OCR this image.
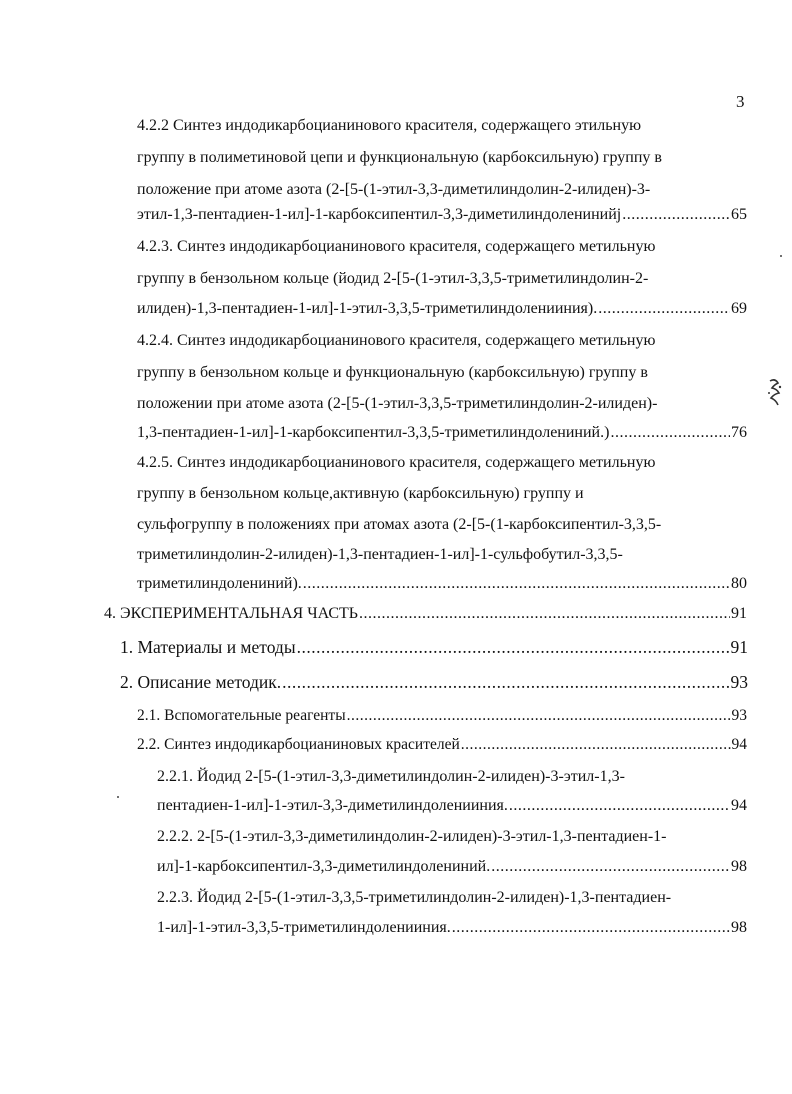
3
4.2.2 Синтез индодикарбоцианинового красителя, содержащего этильную
группу в полиметиновой цепи и функциональную (карбоксильную) группу в
положение при атоме азота (2-[5-(1-этил-3,3-диметилиндолин-2-илиден)-3-
этил-1,3-пентадиен-1-ил]-1-карбоксипентил-3,3-диметилиндоленинийj .....	65
4.2.3. Синтез индодикарбоцианинового красителя, содержащего метильную
группу в бензольном кольце (йодид 2-[5-(1-этил-3,3,5-триметилиндолин-2-
илиден)-1,3-пентадиен-1-ил]-1-этил-3,3,5-триметилиндоленииния). .....	69
4.2.4. Синтез индодикарбоцианинового красителя, содержащего метильную
группу в бензольном кольце и функциональную (карбоксильную) группу в
положении при атоме азота (2-[5-(1-этил-3,3,5-триметилиндолин-2-илиден)-
1,3-пентадиен-1-ил]-1-карбоксипентил-3,3,5-триметилиндолениний.) .....	76
4.2.5. Синтез индодикарбоцианинового красителя, содержащего метильную
группу в бензольном кольце,активную (карбоксильную) группу и
сульфогруппу в положениях при атомах азота (2-[5-(1-карбоксипентил-3,3,5-
триметилиндолин-2-илиден)-1,3-пентадиен-1-ил]-1-сульфобутил-3,3,5-
триметилиндолениний). .....	80
4. ЭКСПЕРИМЕНТАЛЬНАЯ ЧАСТЬ .....	91
1. Материалы и методы .....	91
2. Описание методик. .....	93
2.1. Вспомогательные реагенты .....	93
2.2. Синтез индодикарбоцианиновых красителей .....	94
2.2.1. Йодид 2-[5-(1-этил-3,3-диметилиндолин-2-илиден)-3-этил-1,3-
пентадиен-1-ил]-1-этил-3,3-диметилиндоленииния. .....	94
2.2.2. 2-[5-(1-этил-3,3-диметилиндолин-2-илиден)-3-этил-1,3-пентадиен-1-
ил]-1-карбоксипентил-3,3-диметилиндолениний. .....	98
2.2.3. Йодид 2-[5-(1-этил-3,3,5-триметилиндолин-2-илиден)-1,3-пентадиен-
1-ил]-1-этил-3,3,5-триметилиндоленииния. .....	98
